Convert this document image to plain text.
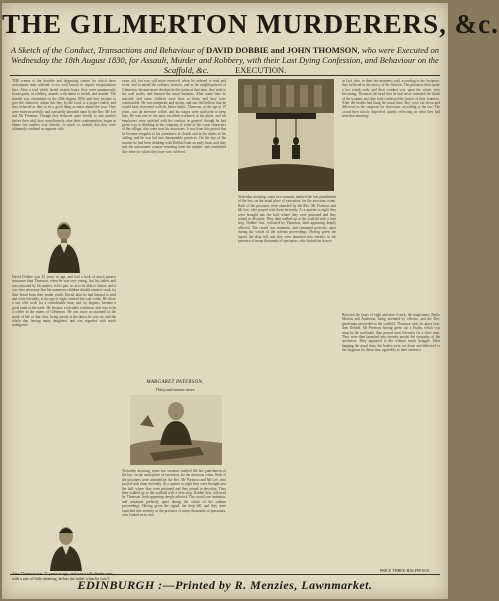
THE GILMERTON MURDERERS, &c.
A Sketch of the Conduct, Transactions and Behaviour of DAVID DOBBIE and JOHN THOMSON, who were Executed on Wednesday the 18th August 1830, for Assault, Murder and Robbery, with their Last Dying Confession, and Behaviour on the Scaffold, &c.	EXECUTION.

THE scenes of the horrible and disgusting crimes for which these unfortunate men suffered, is too well known to require recapitulation here. After a trial which lasted sixteen hours, they were unanimously found guilty of robbery, assault, with intent to ravish, and murder. The murder was committed on the 25th August 1830, and they hesitate to give the character, whom this day, by the Lord, is a proper ended, and they behaved as they to be a good thing as times ahead the year. They were more powerfully and constantly attended upon by the Rev. Mr Lee and Mr Porteous. Though they behaved quite sternly to one another before their trial, they, tumultuously, after their condemnation, began to blame one another very bitterly; so much so, indeed, that they were ultimately confined in separate cells.

David Dobbie was 23 years of age, and had a look of much greater assurance than Thomson, when he was very young, lost his father, and was educated by his mother, in his part, so as to be able to labour, and it was then necessary that his numerous children should contrive work for their bread from their tender youth. David, after he had learned to read and write tolerably, at the age of eight, entered the coal works. He drove a cart with coals for a considerable time, and, by degrees, became a good hand at the trade. He became a tolerable workman, and rose to be a collier in the mines of Gilmerton. He was more accustomed to the mode of life of that class, being steady in the duties he was set, and the whole day, having many daughters, and was regarded with much indulgence.

John Thomson was 21 years of age, and was a tall slender man, with a rare of little meaning; he has his father when he was 9

years old, but was still more reserved, when he ordered to read and write, and to attend the ordinary services, and as the neighbourhood of Gilmerton, became more desolate in the scenes at that time, they took to the coal works, and learned the usual business. After some time he married, and some children were born to them, and they were comfortable. He was temperate and steady, and one did believe that he would have recovered with his better habits. Thomson, at the age of 19 years, was an attentive collier, and his wages were sufficient to keep him. He was one of the most excellent workmen at the place, and his employers were satisfied with his conduct in general, though he had given way to drinking in the company of some of the worst characters of the village, who were now his associates. It was from this period that he became irregular in his attendance at church and in the duties of his calling, and he was led into disreputable practices. On the day of the murder he had been drinking with Dobbie from an early hour, and they met the unfortunate woman returning from the market, and committed the crime for which they have now suffered.

MARGARET PATERSON,
Thirty and sixteen wives

Yesterday morning, some two sermons marked the last punishment of the law, on the usual place of execution, for the atrocious crime. Both of the prisoners were attended by the Rev. Mr Porteous and Mr Lee, who prayed with them fervently. At a quarter to eight they were brought into the hall, where they were pinioned and they joined in devotion. They then walked up to the scaffold with a firm step, Dobbie first, followed by Thomson, both appearing deeply affected. The crowd was immense, and remained perfectly quiet during the whole of the solemn proceedings. Having given the signal, the drop fell, and they were launched into eternity, in the presence of many thousands of spectators, who looked on in awe.

Yesterday morning, some two sermons marked the last punishment of the law, on the usual place of execution, for the atrocious crime. Both of the prisoners were attended by the Rev. Mr Porteous and Mr Lee, who prayed with them fervently. At a quarter to eight they were brought into the hall, where they were pinioned and they joined in devotion. They then walked up to the scaffold with a firm step, Dobbie first, followed by Thomson, both appearing deeply affected. The crowd was immense, and remained perfectly quiet during the whole of the solemn proceedings. Having given the signal, the drop fell, and they were launched into eternity, in the presence of many thousands of spectators, who looked on in awe.

in God, who, in their last moments said, according to the Scripture, they believed in the mercy of the Saviour. The prisoners then spoke a few words each, and their conduct was, upon the whole, very becoming. Thomson declared that he had never intended the death of the woman, and they both confessed the justice of their sentence. After the bodies had hung the usual time, they were cut down and delivered to the surgeons for dissection, according to the law. The crowd then slowly dispersed, quietly reflecting on what they had seen that morning.

Between the hours of eight and nine o'clock, the magistrates, Bailie Morton and Anderson, being attended by officers, and the Rev. gentleman proceeded to the scaffold. Thomson took his place first, then Dobbie. Mr Porteous having given out a Psalm, which was sung by the multitude, then prayed most fervently for a short time. They were then launched into eternity amidst the sympathy of the spectators. They appeared to die without much struggle. After hanging the usual time, the bodies were cut down and delivered to the surgeons for dissection, agreeably to their sentence.

PRICE THREE-HALFPENCE.
EDINBURGH :—Printed by R. Menzies, Lawnmarket.
